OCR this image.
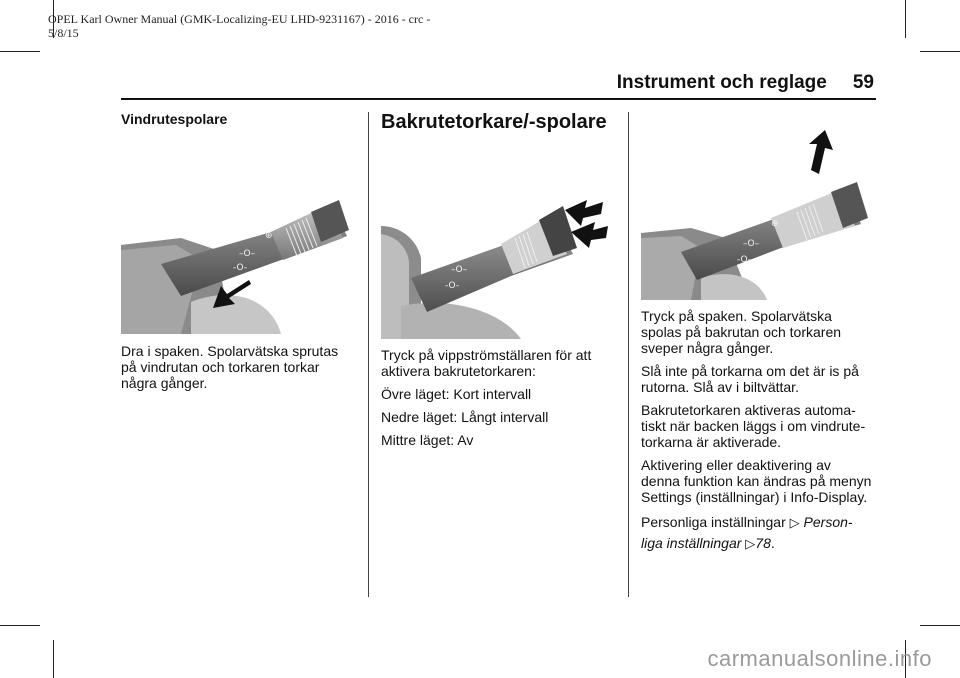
OPEL Karl Owner Manual (GMK-Localizing-EU LHD-9231167) - 2016 - crc -
5/8/15
Instrument och reglage 59
Vindrutespolare
–O–
-O-
⊕

Dra i spaken. Spolarvätska sprutas på vindrutan och torkaren torkar några gånger.

Bakrutetorkare/-spolare
–O–
-O-

Tryck på vippströmställaren för att aktivera bakrutetorkaren:

Övre läget: Kort intervall

Nedre läget: Långt intervall

Mittre läget: Av

–O–
-O-
⊕

Tryck på spaken. Spolarvätska spolas på bakrutan och torkaren sveper några gånger.

Slå inte på torkarna om det är is på rutorna. Slå av i biltvättar.

Bakrutetorkaren aktiveras automa-tiskt när backen läggs i om vindrute-torkarna är aktiverade.

Aktivering eller deaktivering av denna funktion kan ändras på menyn Settings (inställningar) i Info-Display.

Personliga inställningar ▷ Person-liga inställningar ▷78.

carmanualsonline.info
